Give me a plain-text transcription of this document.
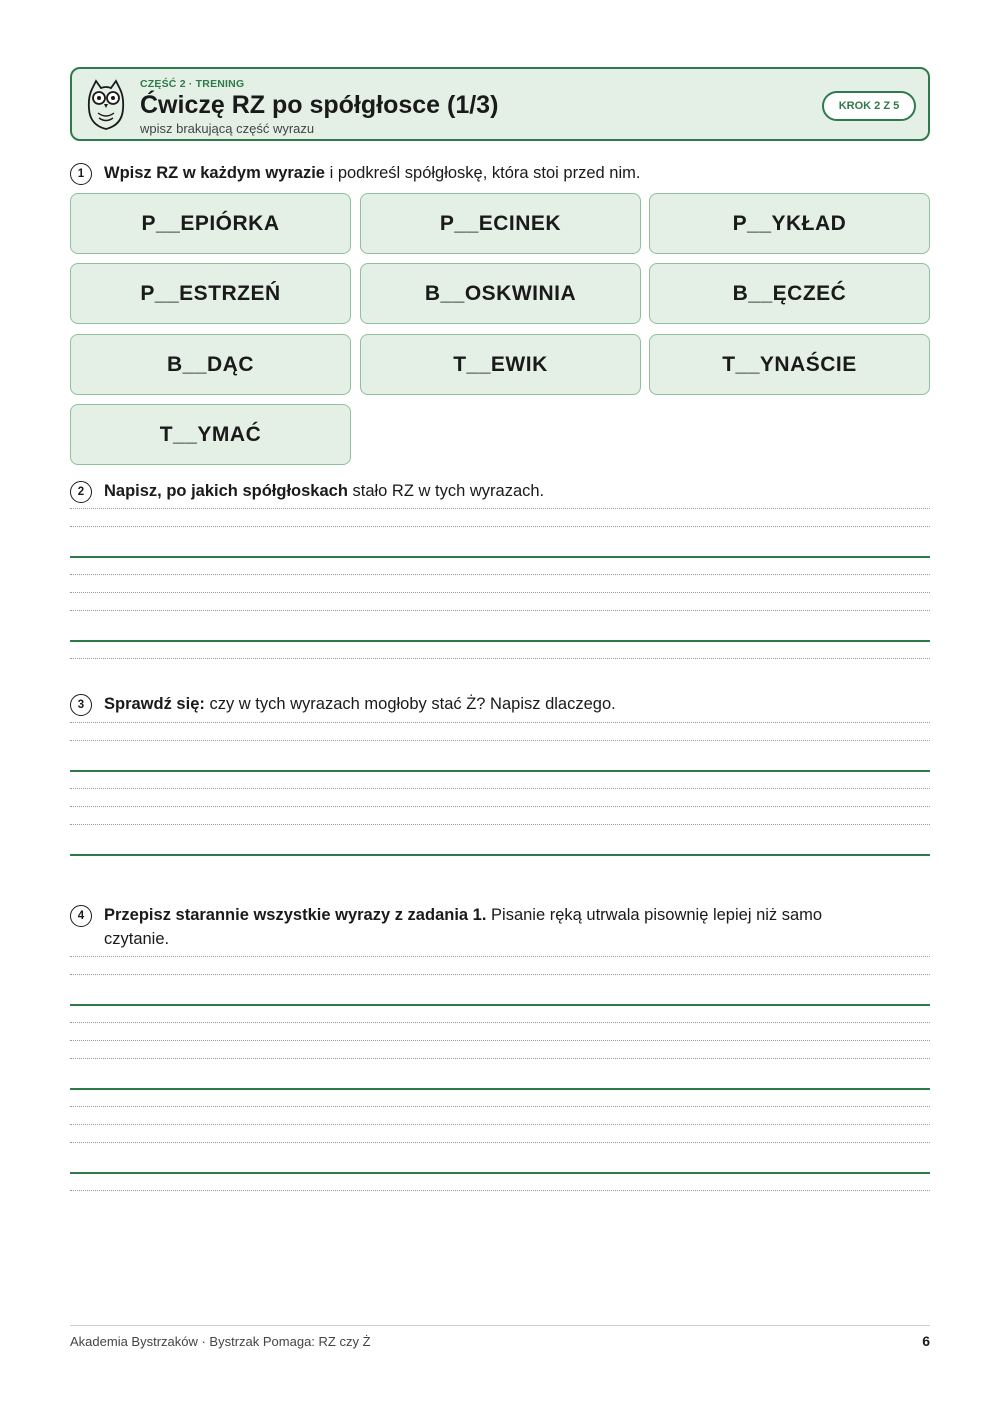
CZĘŚĆ 2 · TRENING
Ćwiczę RZ po spółgłosce (1/3)
wpisz brakującą część wyrazu
KROK 2 Z 5
1	Wpisz RZ w każdym wyrazie i podkreśl spółgłoskę, która stoi przed nim.
P__EPIÓRKA	P__ECINEK	P__YKŁAD
P__ESTRZEŃ	B__OSKWINIA	B__ĘCZEĆ
B__DĄC	T__EWIK	T__YNAŚCIE
T__YMAĆ
2	Napisz, po jakich spółgłoskach stało RZ w tych wyrazach.
3	Sprawdź się: czy w tych wyrazach mogłoby stać Ż? Napisz dlaczego.
4	Przepisz starannie wszystkie wyrazy z zadania 1. Pisanie ręką utrwala pisownię lepiej niż samo czytanie.
Akademia Bystrzaków · Bystrzak Pomaga: RZ czy Ż	6
